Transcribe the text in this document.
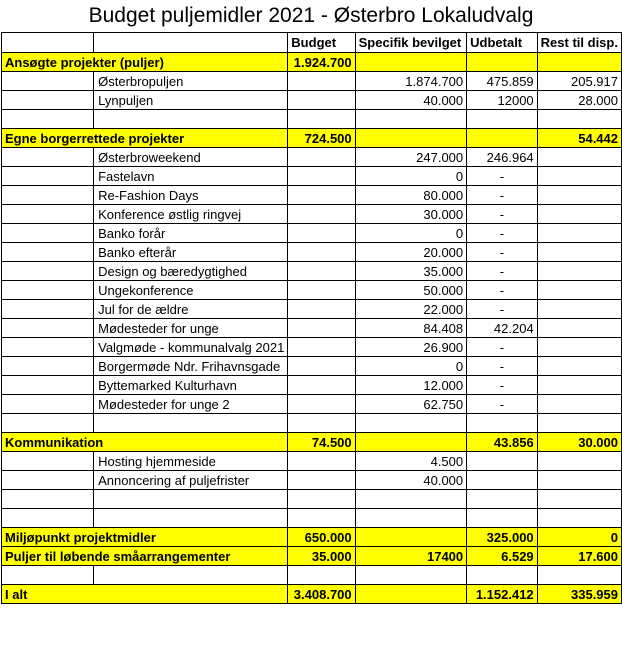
Budget puljemidler 2021 - Østerbro Lokaludvalg
		Budget	Specifik bevilget	Udbetalt	Rest til disp.
Ansøgte projekter (puljer)		1.924.700			
	Østerbropuljen		1.874.700	475.859	205.917
	Lynpuljen		40.000	12000	28.000

Egne borgerrettede projekter		724.500			54.442
	Østerbroweekend		247.000	246.964	
	Fastelavn		0	-	
	Re-Fashion Days		80.000	-	
	Konference østlig ringvej		30.000	-	
	Banko forår		0	-	
	Banko efterår		20.000	-	
	Design og bæredygtighed		35.000	-	
	Ungekonference		50.000	-	
	Jul for de ældre		22.000	-	
	Mødesteder for unge		84.408	42.204	
	Valgmøde - kommunalvalg 2021		26.900	-	
	Borgermøde Ndr. Frihavnsgade		0	-	
	Byttemarked Kulturhavn		12.000	-	
	Mødesteder for unge 2		62.750	-	

Kommunikation		74.500		43.856	30.000
	Hosting hjemmeside		4.500		
	Annoncering af puljefrister		40.000		

Miljøpunkt projektmidler		650.000		325.000	0
Puljer til løbende småarrangementer		35.000	17400	6.529	17.600

I alt		3.408.700		1.152.412	335.959
